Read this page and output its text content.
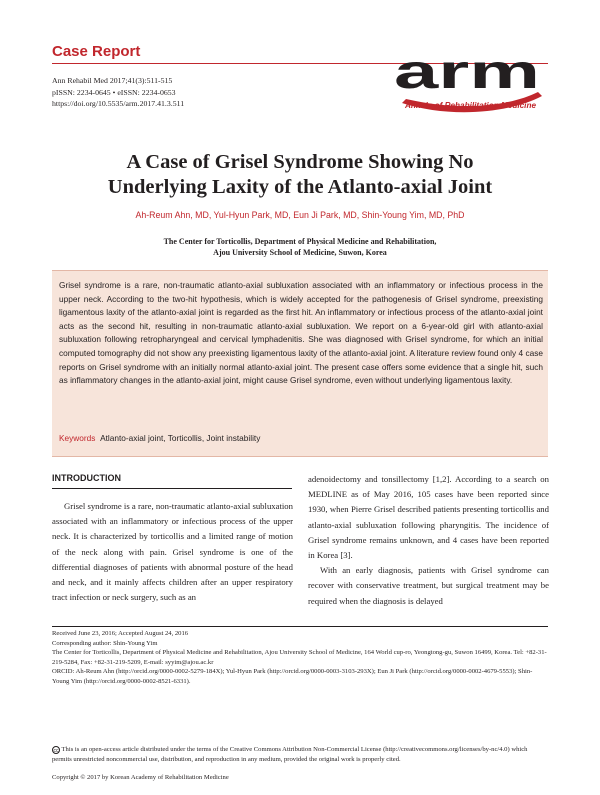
Case Report
Ann Rehabil Med 2017;41(3):511-515
pISSN: 2234-0645 • eISSN: 2234-0653
https://doi.org/10.5535/arm.2017.41.3.511
arm
Annals of Rehabilitation Medicine
A Case of Grisel Syndrome Showing No
Underlying Laxity of the Atlanto-axial Joint
Ah-Reum Ahn, MD, Yul-Hyun Park, MD, Eun Ji Park, MD, Shin-Young Yim, MD, PhD
The Center for Torticollis, Department of Physical Medicine and Rehabilitation,
Ajou University School of Medicine, Suwon, Korea
Grisel syndrome is a rare, non-traumatic atlanto-axial subluxation associated with an inflammatory or infectious process in the upper neck. According to the two-hit hypothesis, which is widely accepted for the pathogenesis of Grisel syndrome, preexisting ligamentous laxity of the atlanto-axial joint is regarded as the first hit. An inflammatory or infectious process of the atlanto-axial joint acts as the second hit, resulting in non-traumatic atlanto-axial subluxation. We report on a 6-year-old girl with atlanto-axial subluxation following retropharyngeal and cervical lymphadenitis. She was diagnosed with Grisel syndrome, for which an initial computed tomography did not show any preexisting ligamentous laxity of the atlanto-axial joint. A literature review found only 4 case reports on Grisel syndrome with an initially normal atlanto-axial joint. The present case offers some evidence that a single hit, such as inflammatory changes in the atlanto-axial joint, might cause Grisel syndrome, even without underlying ligamentous laxity.
Keywords Atlanto-axial joint, Torticollis, Joint instability
INTRODUCTION

Grisel syndrome is a rare, non-traumatic atlanto-axial subluxation associated with an inflammatory or infectious process of the upper neck. It is characterized by torticollis and a limited range of motion of the neck along with pain. Grisel syndrome is one of the differential diagnoses of patients with abnormal posture of the head and neck, and it mainly affects children after an upper respiratory tract infection or neck surgery, such as an

adenoidectomy and tonsillectomy [1,2]. According to a search on MEDLINE as of May 2016, 105 cases have been reported since 1930, when Pierre Grisel described patients presenting torticollis and atlanto-axial subluxation following pharyngitis. The incidence of Grisel syndrome remains unknown, and 4 cases have been reported in Korea [3].

With an early diagnosis, patients with Grisel syndrome can recover with conservative treatment, but surgical treatment may be required when the diagnosis is delayed

Received June 23, 2016; Accepted August 24, 2016
Corresponding author: Shin-Young Yim
The Center for Torticollis, Department of Physical Medicine and Rehabilitation, Ajou University School of Medicine, 164 World cup-ro, Yeongtong-gu, Suwon 16499, Korea. Tel: +82-31-219-5284, Fax: +82-31-219-5209, E-mail: syyim@ajou.ac.kr
ORCID: Ah-Reum Ahn (http://orcid.org/0000-0002-5279-184X); Yul-Hyun Park (http://orcid.org/0000-0003-3103-293X); Eun Ji Park (http://orcid.org/0000-0002-4679-5553); Shin-Young Yim (http://orcid.org/0000-0002-8521-6331).
cc This is an open-access article distributed under the terms of the Creative Commons Attribution Non-Commercial License (http://creativecommons.org/licenses/by-nc/4.0) which permits unrestricted noncommercial use, distribution, and reproduction in any medium, provided the original work is properly cited.
Copyright © 2017 by Korean Academy of Rehabilitation Medicine
